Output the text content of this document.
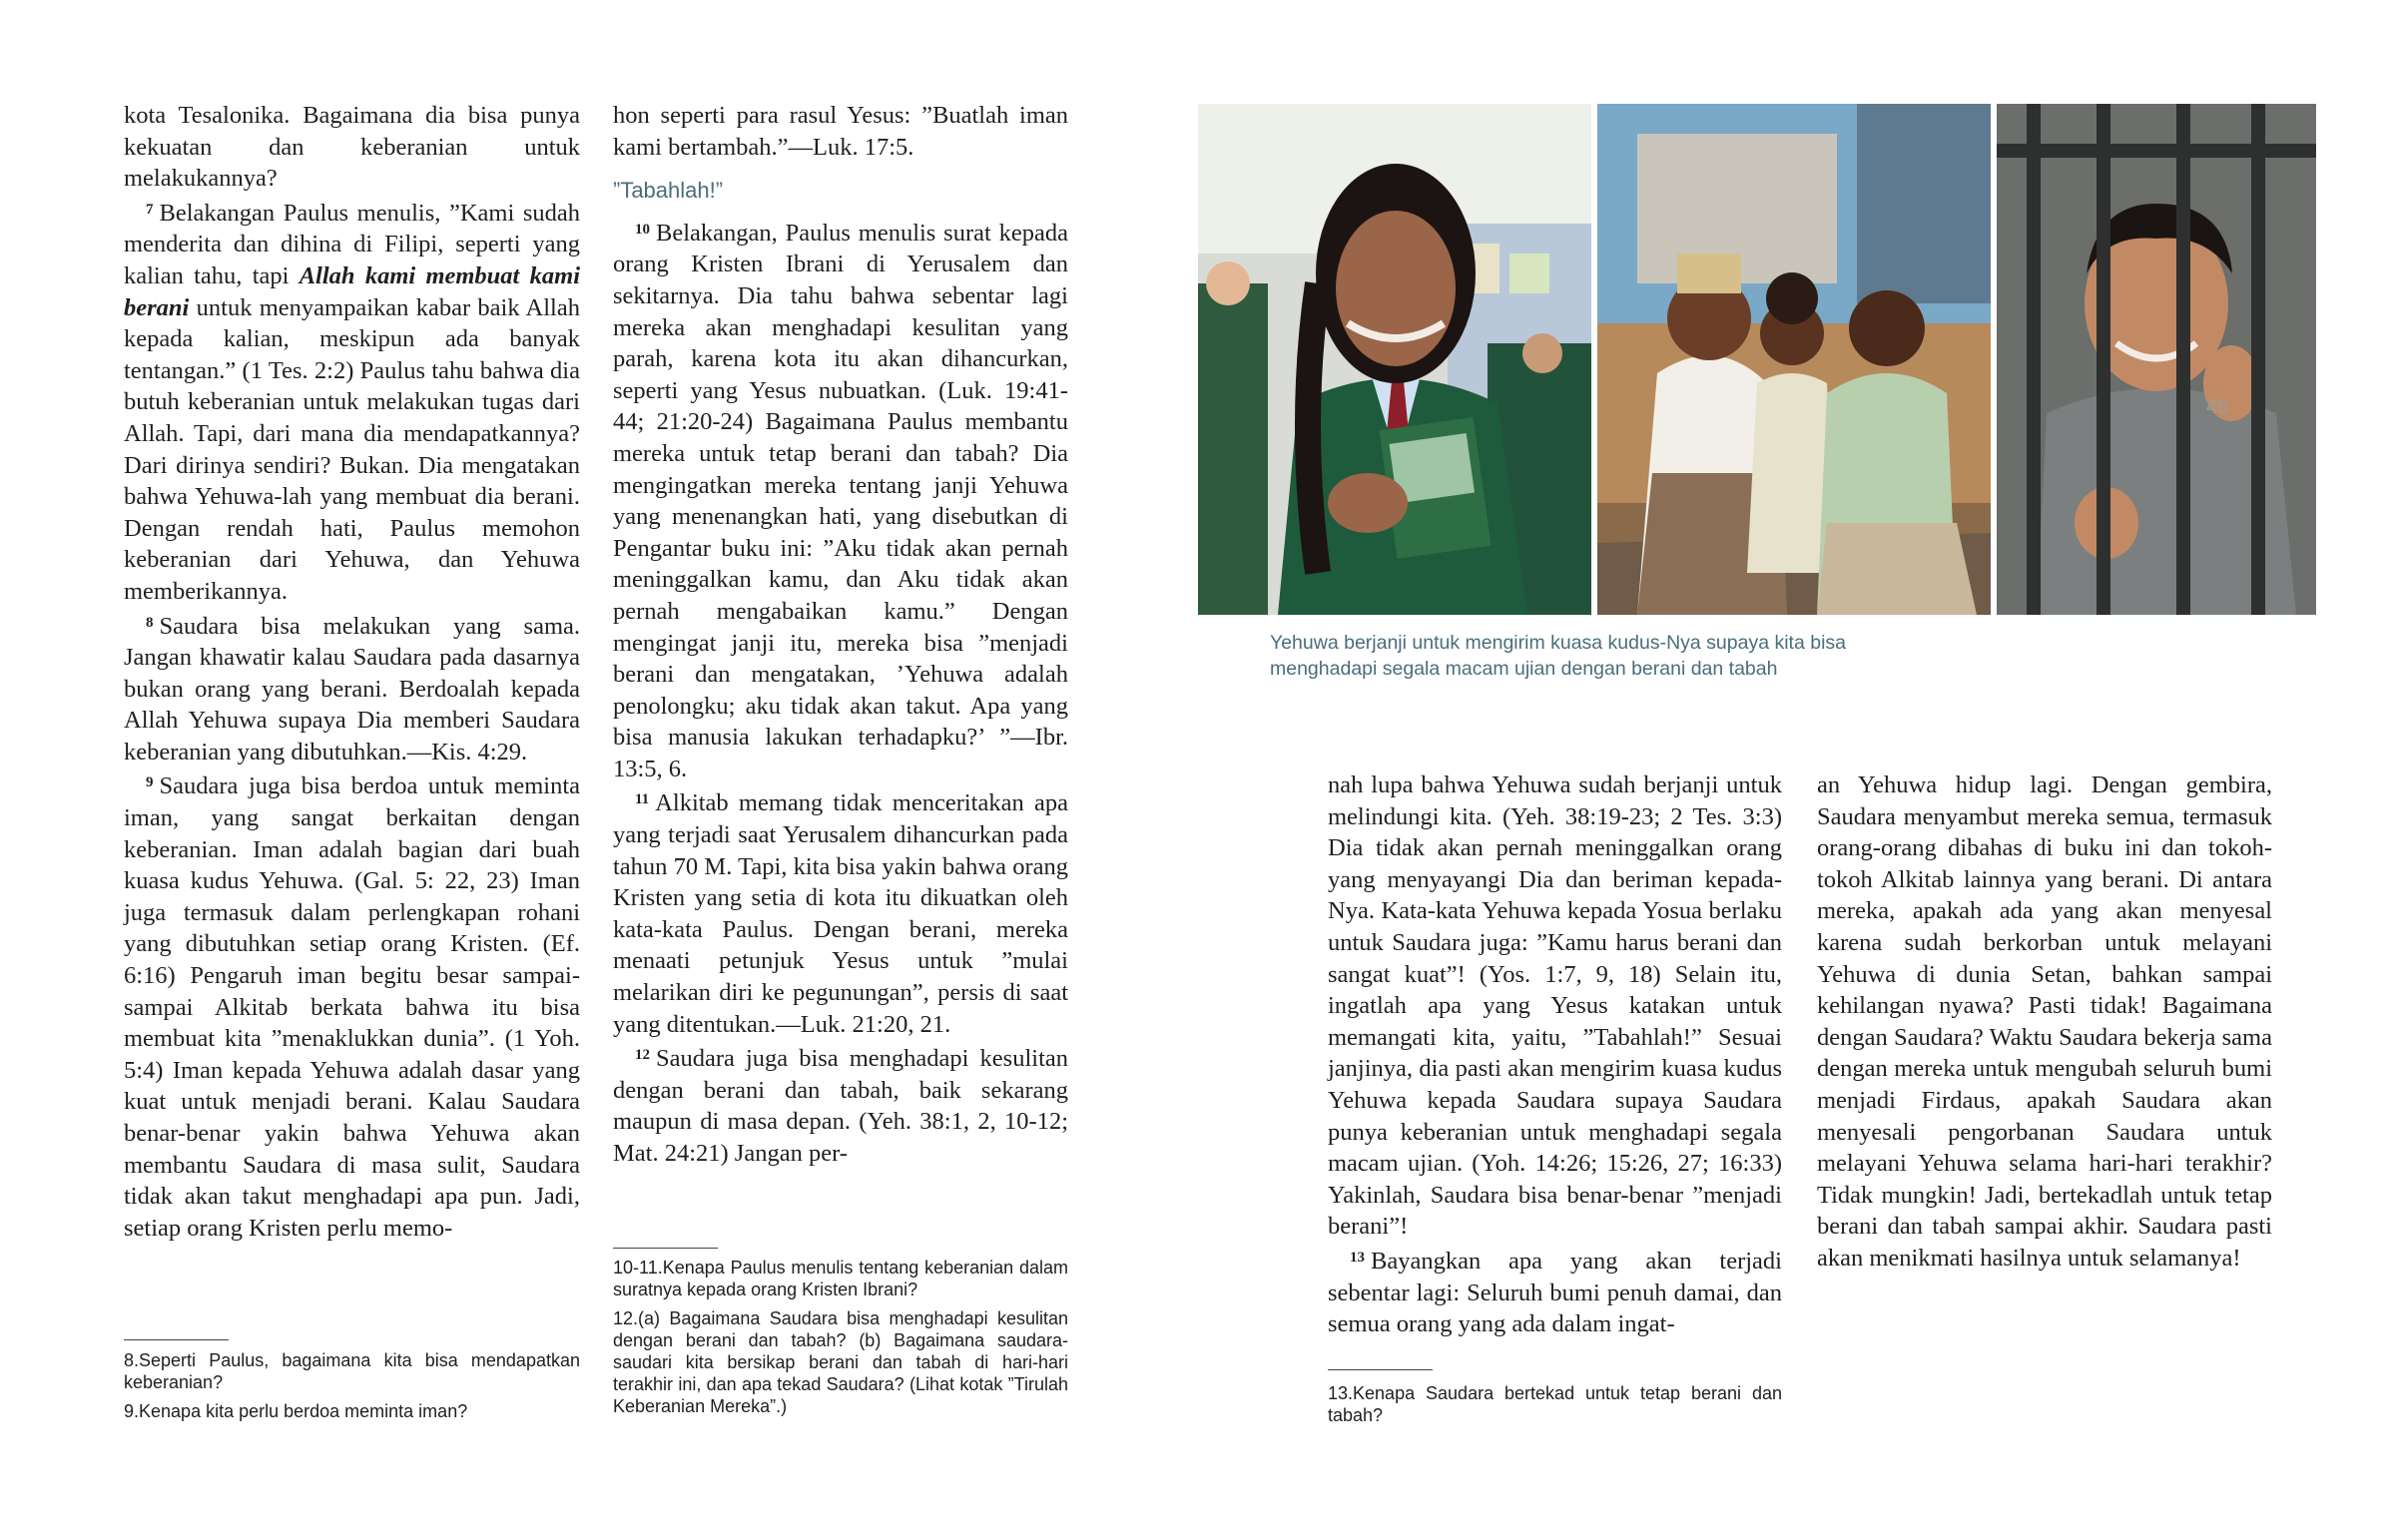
kota Tesalonika. Bagaimana dia bisa punya kekuatan dan keberanian untuk melakukannya?

$^7$ Belakangan Paulus menulis, ”Kami sudah menderita dan dihina di Filipi, seperti yang kalian tahu, tapi Allah kami membuat kami berani untuk menyampaikan kabar baik Allah kepada kalian, meskipun ada banyak tentangan.” (1 Tes. 2:2) Paulus tahu bahwa dia butuh keberanian untuk melakukan tugas dari Allah. Tapi, dari mana dia mendapatkannya? Dari dirinya sendiri? Bukan. Dia mengatakan bahwa Yehuwa-lah yang membuat dia berani. Dengan rendah hati, Paulus memohon keberanian dari Yehuwa, dan Yehuwa memberikannya.

$^8$ Saudara bisa melakukan yang sama. Jangan khawatir kalau Saudara pada dasarnya bukan orang yang berani. Berdoalah kepada Allah Yehuwa supaya Dia memberi Saudara keberanian yang dibutuhkan.—Kis. 4:29.

$^9$ Saudara juga bisa berdoa untuk meminta iman, yang sangat berkaitan dengan keberanian. Iman adalah bagian dari buah kuasa kudus Yehuwa. (Gal. 5: 22, 23) Iman juga termasuk dalam perlengkapan rohani yang dibutuhkan setiap orang Kristen. (Ef. 6:16) Pengaruh iman begitu besar sampai-sampai Alkitab berkata bahwa itu bisa membuat kita ”menaklukkan dunia”. (1 Yoh. 5:4) Iman kepada Yehuwa adalah dasar yang kuat untuk menjadi berani. Kalau Saudara benar-benar yakin bahwa Yehuwa akan membantu Saudara di masa sulit, Saudara tidak akan takut menghadapi apa pun. Jadi, setiap orang Kristen perlu memo-

8.Seperti Paulus, bagaimana kita bisa mendapatkan keberanian?

9.Kenapa kita perlu berdoa meminta iman?

hon seperti para rasul Yesus: ”Buatlah iman kami bertambah.”—Luk. 17:5.

”Tabahlah!”

$^{10}$ Belakangan, Paulus menulis surat kepada orang Kristen Ibrani di Yerusalem dan sekitarnya. Dia tahu bahwa sebentar lagi mereka akan menghadapi kesulitan yang parah, karena kota itu akan dihancurkan, seperti yang Yesus nubuatkan. (Luk. 19:41-44; 21:20-24) Bagaimana Paulus membantu mereka untuk tetap berani dan tabah? Dia mengingatkan mereka tentang janji Yehuwa yang menenangkan hati, yang disebutkan di Pengantar buku ini: ”Aku tidak akan pernah meninggalkan kamu, dan Aku tidak akan pernah mengabaikan kamu.” Dengan mengingat janji itu, mereka bisa ”menjadi berani dan mengatakan, ’Yehuwa adalah penolongku; aku tidak akan takut. Apa yang bisa manusia lakukan terhadapku?’ ”—Ibr. 13:5, 6.

$^{11}$ Alkitab memang tidak menceritakan apa yang terjadi saat Yerusalem dihancurkan pada tahun 70 M. Tapi, kita bisa yakin bahwa orang Kristen yang setia di kota itu dikuatkan oleh kata-kata Paulus. Dengan berani, mereka menaati petunjuk Yesus untuk ”mulai melarikan diri ke pegunungan”, persis di saat yang ditentukan.—Luk. 21:20, 21.

$^{12}$ Saudara juga bisa menghadapi kesulitan dengan berani dan tabah, baik sekarang maupun di masa depan. (Yeh. 38:1, 2, 10-12; Mat. 24:21) Jangan per-

10-11.Kenapa Paulus menulis tentang keberanian dalam suratnya kepada orang Kristen Ibrani?

12.(a) Bagaimana Saudara bisa menghadapi kesulitan dengan berani dan tabah? (b) Bagaimana saudara-saudari kita bersikap berani dan tabah di hari-hari terakhir ini, dan apa tekad Saudara? (Lihat kotak ”Tirulah Keberanian Mereka”.)

46
Yehuwa berjanji untuk mengirim kuasa kudus-Nya supaya kita bisa menghadapi segala macam ujian dengan berani dan tabah

nah lupa bahwa Yehuwa sudah berjanji untuk melindungi kita. (Yeh. 38:19-23; 2 Tes. 3:3) Dia tidak akan pernah meninggalkan orang yang menyayangi Dia dan beriman kepada-Nya. Kata-kata Yehuwa kepada Yosua berlaku untuk Saudara juga: ”Kamu harus berani dan sangat kuat”! (Yos. 1:7, 9, 18) Selain itu, ingatlah apa yang Yesus katakan untuk memangati kita, yaitu, ”Tabahlah!” Sesuai janjinya, dia pasti akan mengirim kuasa kudus Yehuwa kepada Saudara supaya Saudara punya keberanian untuk menghadapi segala macam ujian. (Yoh. 14:26; 15:26, 27; 16:33) Yakinlah, Saudara bisa benar-benar ”menjadi berani”!

$^{13}$ Bayangkan apa yang akan terjadi sebentar lagi: Seluruh bumi penuh damai, dan semua orang yang ada dalam ingat-

13.Kenapa Saudara bertekad untuk tetap berani dan tabah?

an Yehuwa hidup lagi. Dengan gembira, Saudara menyambut mereka semua, termasuk orang-orang dibahas di buku ini dan tokoh-tokoh Alkitab lainnya yang berani. Di antara mereka, apakah ada yang akan menyesal karena sudah berkorban untuk melayani Yehuwa di dunia Setan, bahkan sampai kehilangan nyawa? Pasti tidak! Bagaimana dengan Saudara? Waktu Saudara bekerja sama dengan mereka untuk mengubah seluruh bumi menjadi Firdaus, apakah Saudara akan menyesali pengorbanan Saudara untuk melayani Yehuwa selama hari-hari terakhir? Tidak mungkin! Jadi, bertekadlah untuk tetap berani dan tabah sampai akhir. Saudara pasti akan menikmati hasilnya untuk selamanya!
